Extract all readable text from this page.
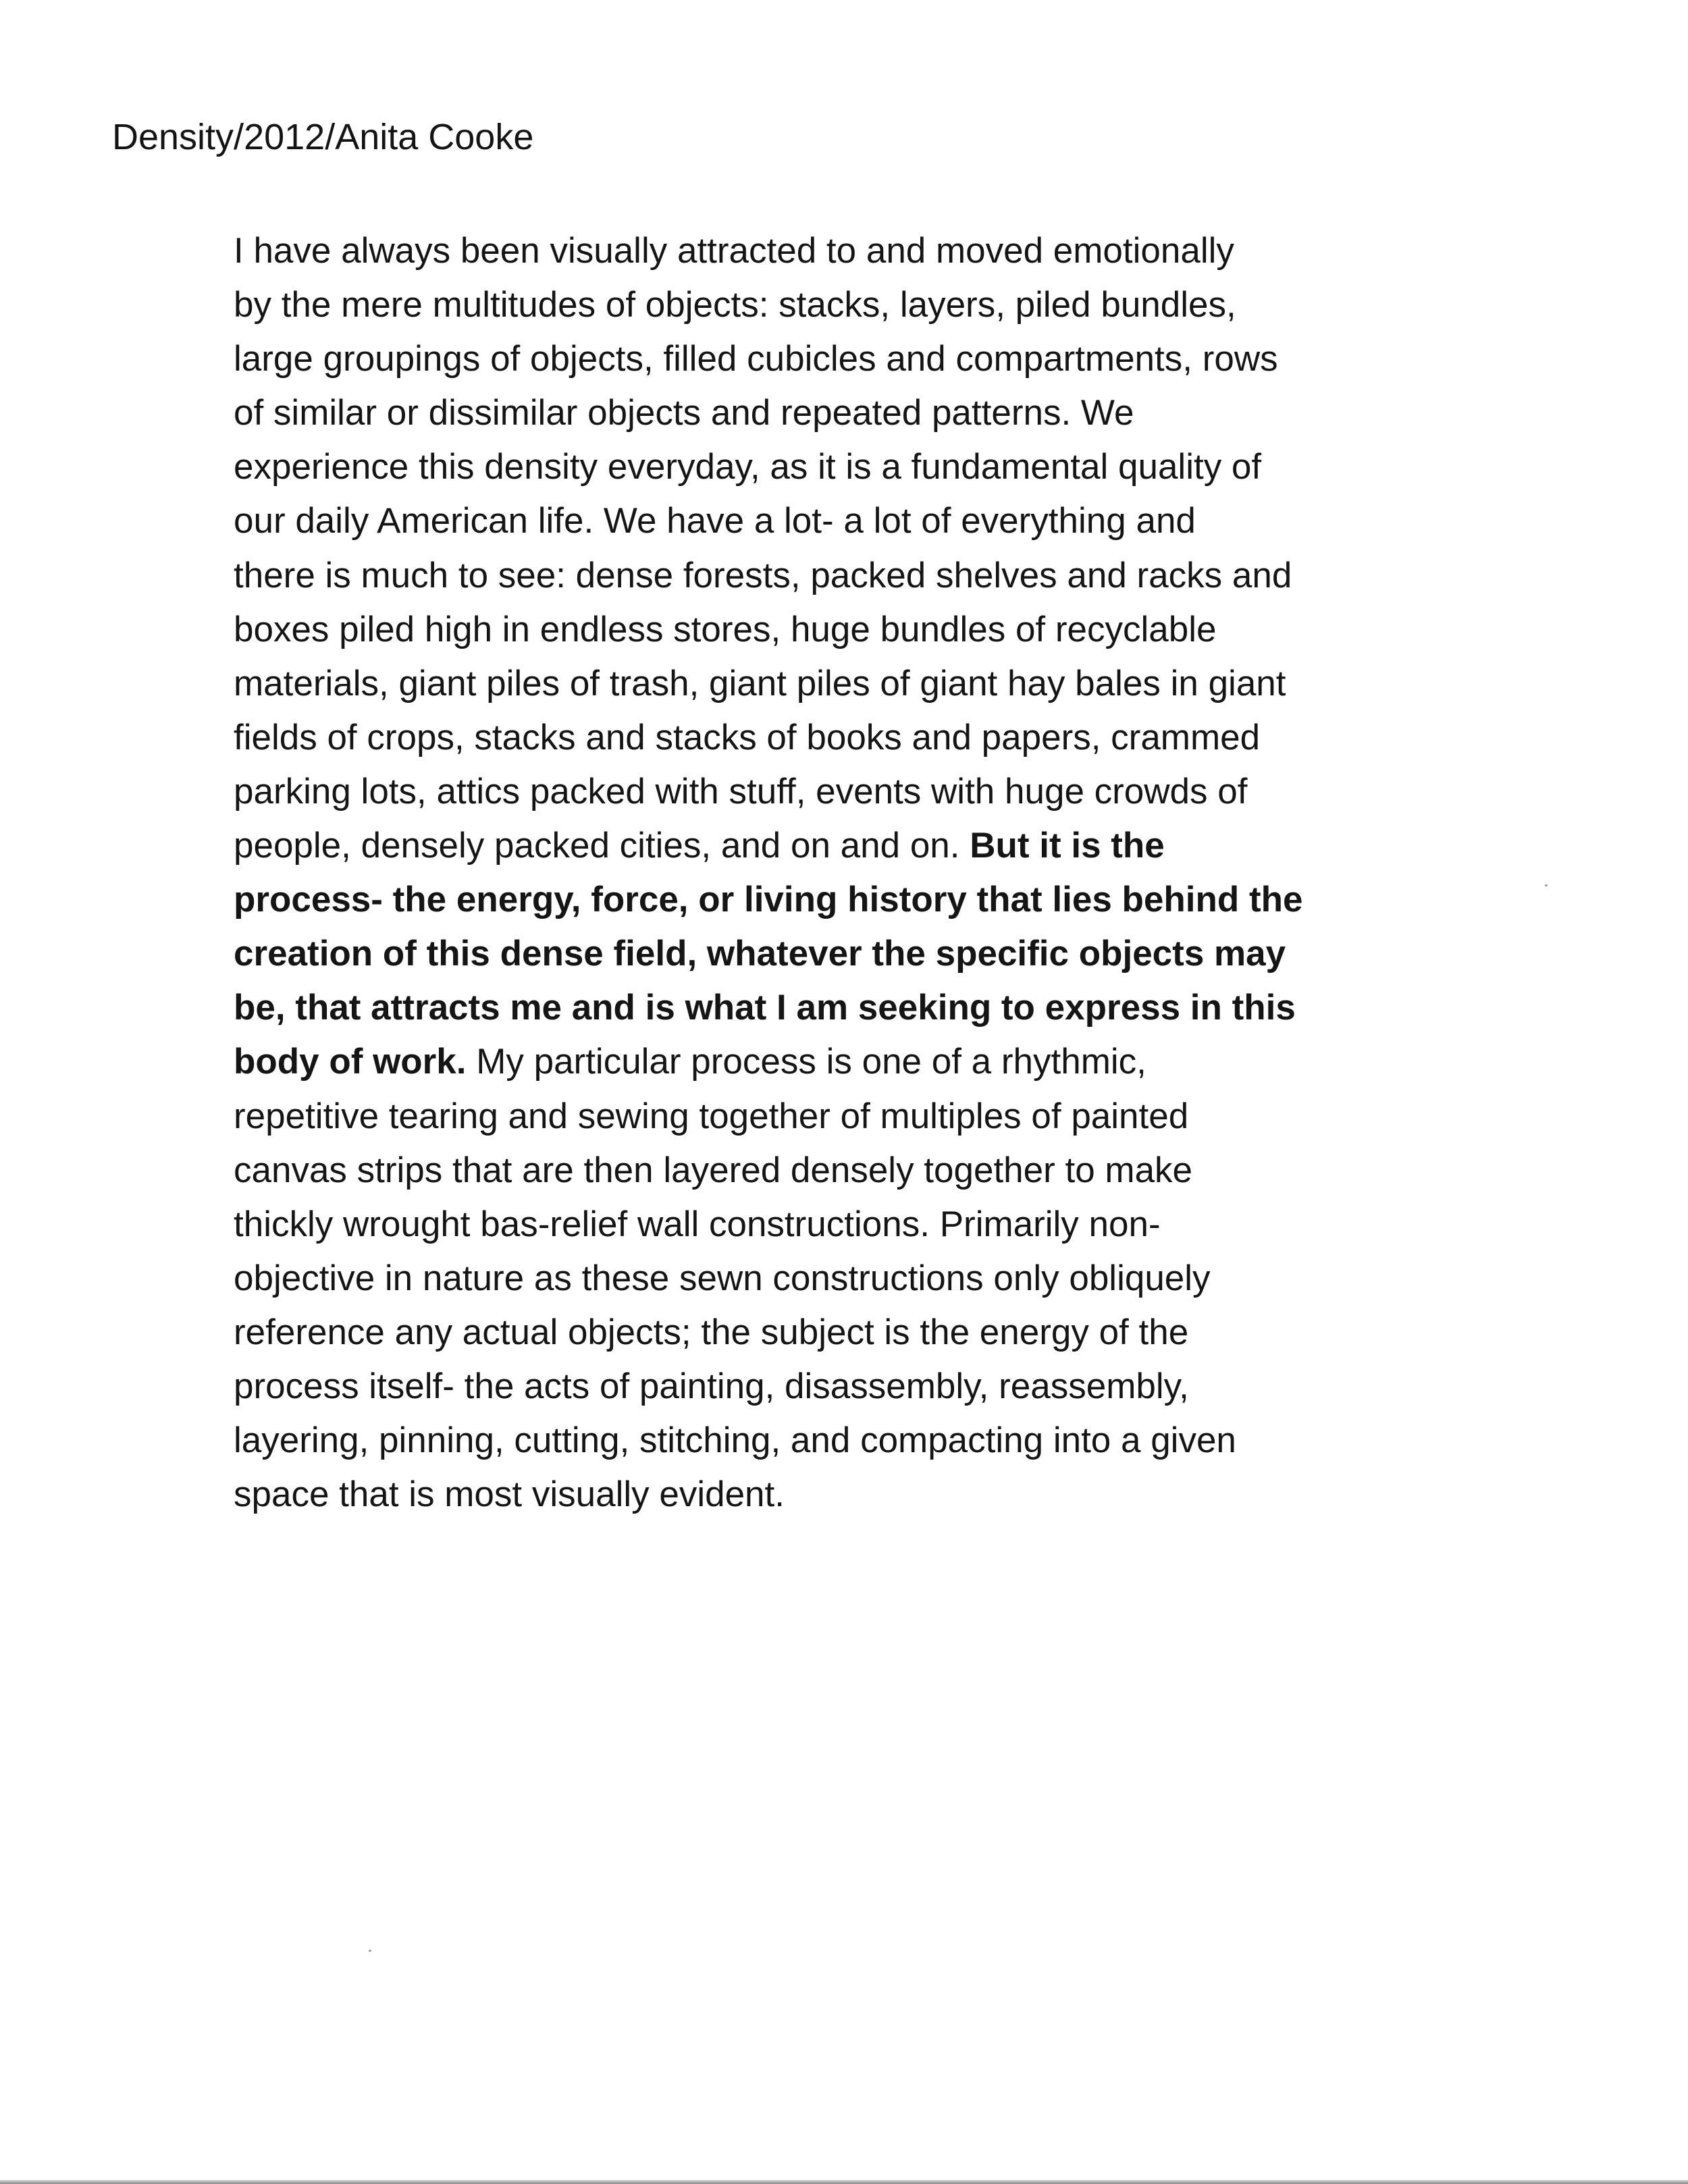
Density/2012/Anita Cooke
I have always been visually attracted to and moved emotionally
by the mere multitudes of objects: stacks, layers, piled bundles,
large groupings of objects, filled cubicles and compartments, rows
of similar or dissimilar objects and repeated patterns. We
experience this density everyday, as it is a fundamental quality of
our daily American life. We have a lot- a lot of everything and
there is much to see: dense forests, packed shelves and racks and
boxes piled high in endless stores, huge bundles of recyclable
materials, giant piles of trash, giant piles of giant hay bales in giant
fields of crops, stacks and stacks of books and papers, crammed
parking lots, attics packed with stuff, events with huge crowds of
people, densely packed cities, and on and on. But it is the
process- the energy, force, or living history that lies behind the
creation of this dense field, whatever the specific objects may
be, that attracts me and is what I am seeking to express in this
body of work. My particular process is one of a rhythmic,
repetitive tearing and sewing together of multiples of painted
canvas strips that are then layered densely together to make
thickly wrought bas-relief wall constructions. Primarily non-
objective in nature as these sewn constructions only obliquely
reference any actual objects; the subject is the energy of the
process itself- the acts of painting, disassembly, reassembly,
layering, pinning, cutting, stitching, and compacting into a given
space that is most visually evident.
